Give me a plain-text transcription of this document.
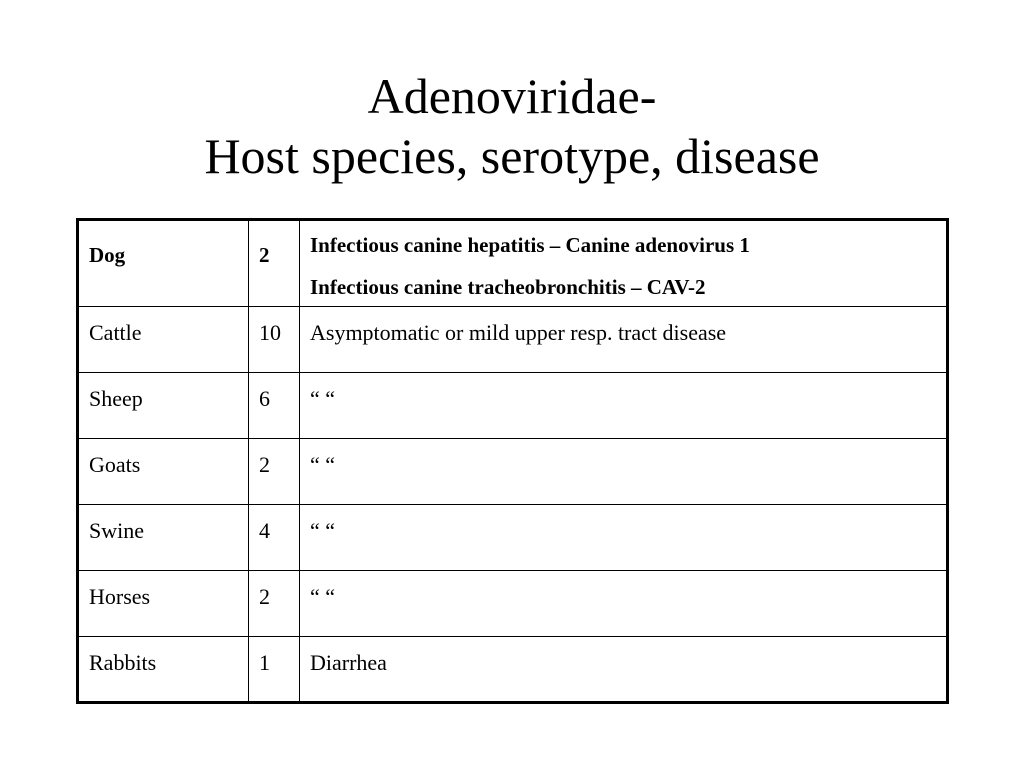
Adenoviridae-
Host species, serotype, disease
Dog	2	Infectious canine hepatitis – Canine adenovirus 1
Infectious canine tracheobronchitis – CAV-2

Cattle	10	Asymptomatic or mild upper resp. tract disease
Sheep	6	“ “
Goats	2	“ “
Swine	4	“ “
Horses	2	“ “
Rabbits	1	Diarrhea
